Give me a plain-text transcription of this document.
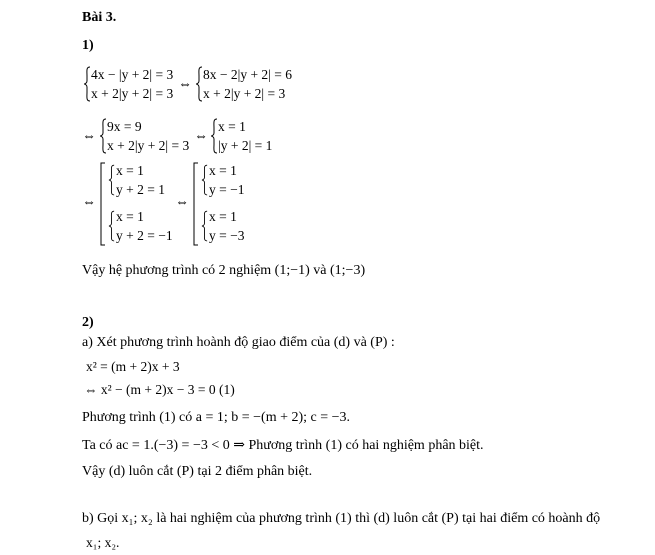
Bài 3.
1)
4x − |y + 2| = 3
x + 2|y + 2| = 3
⇔
8x − 2|y + 2| = 6
x + 2|y + 2| = 3
⇔
9x = 9
x + 2|y + 2| = 3
⇔
x = 1
|y + 2| = 1
⇔
x = 1
y + 2 = 1
x = 1
y + 2 = −1
⇔
x = 1
y = −1
x = 1
y = −3
Vậy hệ phương trình có 2 nghiệm (1;−1) và (1;−3)
2)
a) Xét phương trình hoành độ giao điểm của (d) và (P) :
x² = (m + 2)x + 3
⇔ x² − (m + 2)x − 3 = 0 (1)
Phương trình (1) có a = 1; b = −(m + 2); c = −3.
Ta có ac = 1.(−3) = −3 < 0 ⇒ Phương trình (1) có hai nghiệm phân biệt.
Vậy (d) luôn cắt (P) tại 2 điểm phân biệt.
b) Gọi x₁; x₂ là hai nghiệm của phương trình (1) thì (d) luôn cắt (P) tại hai điểm có hoành độ
x₁; x₂.
